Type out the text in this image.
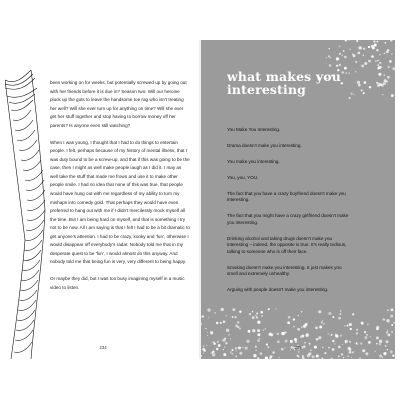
been working on for weeks, but potentially screwed up by going out with her friends before it is due in? Season two: Will our heroine pluck up the guts to leave the handsome toe rag who isn't treating her well? Will she ever turn up for anything on time? Will she ever get her stuff together and stop having to borrow money off her parents? Is anyone even still watching?

When I was young, I thought that I had to do things to entertain people. I felt, perhaps because of my history of mental illness, that I was duty bound to be a screw-up, and that if this was going to be the case, then I might as well make people laugh as I did it. I may as well take the stuff that made me frown and use it to make other people smile. I had no idea that none of this was true, that people would have hung out with me regardless of my ability to turn my mishaps into comedy gold. That perhaps they would have even preferred to hang out with me if I didn't mercilessly mock myself all the time. But I am being hard on myself, and that is something I try not to be now. All I am saying is that I felt I had to be a bit dramatic to get anyone's attention. I had to be crazy, kooky and 'fun', otherwise I would disappear off everybody's radar. Nobody told me that in my desperate quest to be 'fun', I would almost do this anyway. And nobody told me that being fun is very, very different to being happy.

Or maybe they did, but I was too busy imagining myself in a music video to listen.

234
what makes you
interesting

You Make You Interesting.

Drama doesn't make you interesting.

You make you interesting.

You, you, YOU.

The fact that you have a crazy boyfriend doesn't make you interesting.

The fact that you might have a crazy girlfriend doesn't make you interesting.

Drinking alcohol and taking drugs doesn't make you interesting – indeed, the opposite is true. It's really tedious, talking to someone who is off their face.

Smoking doesn't make you interesting. It just makes you smell and extremely unhealthy.

Arguing with people doesn't make you interesting.

235
